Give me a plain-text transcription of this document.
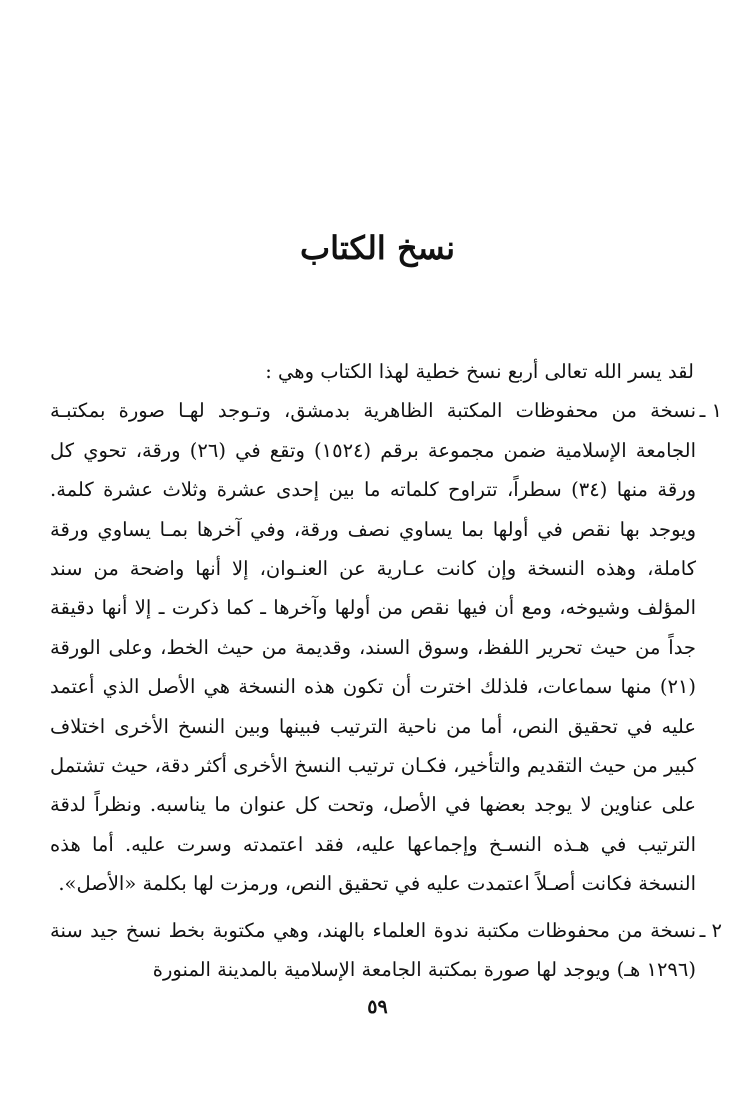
نسخ الكتاب

لقد يسر الله تعالى أربع نسخ خطية لهذا الكتاب وهي :

١ ـ

نسخة من محفوظات المكتبة الظاهرية بدمشق، وتـوجد لهـا صورة بمكتبـة الجامعة الإسلامية ضمن مجموعة برقم (١٥٢٤) وتقع في (٢٦) ورقة، تحوي كل ورقة منها (٣٤) سطراً، تتراوح كلماته ما بين إحدى عشرة وثلاث عشرة كلمة. ويوجد بها نقص في أولها بما يساوي نصف ورقة، وفي آخرها بمـا يساوي ورقة كاملة، وهذه النسخة وإن كانت عـارية عن العنـوان، إلا أنها واضحة من سند المؤلف وشيوخه، ومع أن فيها نقص من أولها وآخرها ـ كما ذكرت ـ إلا أنها دقيقة جداً من حيث تحرير اللفظ، وسوق السند، وقديمة من حيث الخط، وعلى الورقة (٢١) منها سماعات، فلذلك اخترت أن تكون هذه النسخة هي الأصل الذي أعتمد عليه في تحقيق النص، أما من ناحية الترتيب فبينها وبين النسخ الأخرى اختلاف كبير من حيث التقديم والتأخير، فكـان ترتيب النسخ الأخرى أكثر دقة، حيث تشتمل على عناوين لا يوجد بعضها في الأصل، وتحت كل عنوان ما يناسبه. ونظراً لدقة الترتيب في هـذه النسـخ وإجماعها عليه، فقد اعتمدته وسرت عليه. أما هذه النسخة فكانت أصـلاً اعتمدت عليه في تحقيق النص، ورمزت لها بكلمة «الأصل».

٢ ـ

نسخة من محفوظات مكتبة ندوة العلماء بالهند، وهي مكتوبة بخط نسخ جيد سنة (١٢٩٦ هـ) ويوجد لها صورة بمكتبة الجامعة الإسلامية بالمدينة المنورة

٥٩
